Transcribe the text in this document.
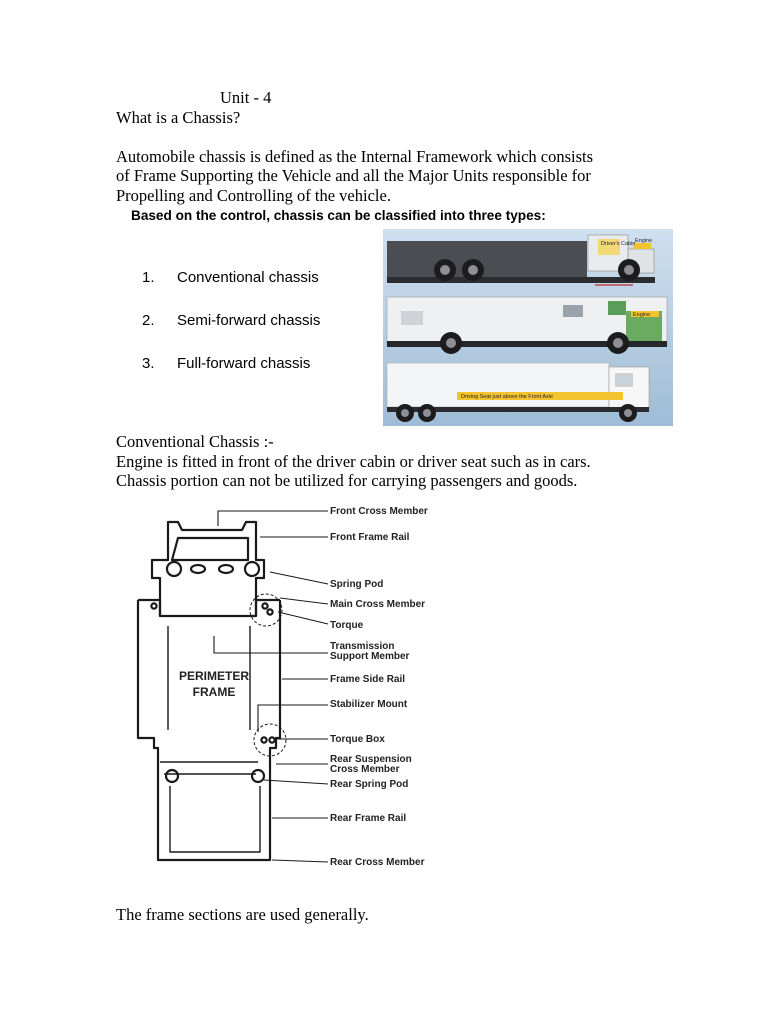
Unit - 4
What is a Chassis?
Automobile chassis is defined as the Internal Framework which consists
of Frame Supporting the Vehicle and all the Major Units responsible for
Propelling and Controlling of the vehicle.
Based on the control, chassis can be classified into three types:
1. Conventional chassis
2. Semi-forward chassis
3. Full-forward chassis
Driver's Cabin Engine
Engine
Driving Seat just above the Front Axle
Conventional Chassis :-
Engine is fitted in front of the driver cabin or driver seat such as in cars.
Chassis portion can not be utilized for carrying passengers and goods.
PERIMETER
FRAME
Front Cross Member
Front Frame Rail
Spring Pod
Main Cross Member
Torque
Transmission
Support Member
Frame Side Rail
Stabilizer Mount
Torque Box
Rear Suspension
Cross Member
Rear Spring Pod
Rear Frame Rail
Rear Cross Member
The frame sections are used generally.
